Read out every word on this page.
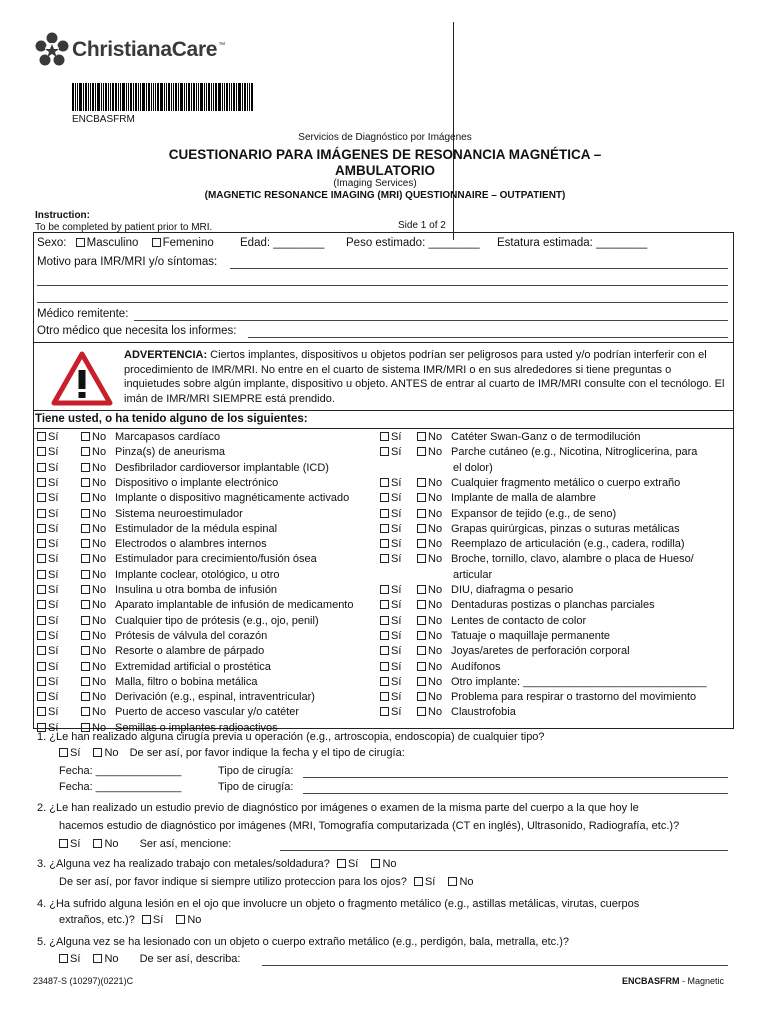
ChristianaCare ™
ENCBASFRM
Servicios de Diagnóstico por Imágenes
CUESTIONARIO PARA IMÁGENES DE RESONANCIA MAGNÉTICA –
AMBULATORIO
(Imaging Services)
(MAGNETIC RESONANCE IMAGING (MRI) QUESTIONNAIRE – OUTPATIENT)
Instruction:
To be completed by patient prior to MRI.	Side 1 of 2
Sexo: Masculino Femenino Edad: ________ Peso estimado: ________ Estatura estimada: ________
Motivo para IMR/MRI y/o síntomas:
Médico remitente:
Otro médico que necesita los informes:
ADVERTENCIA: Ciertos implantes, dispositivos u objetos podrían ser peligrosos para usted y/o podrían interferir con el procedimiento de IMR/MRI. No entre en el cuarto de sistema IMR/MRI o en sus alrededores si tiene preguntas o inquietudes sobre algún implante, dispositivo u objeto. ANTES de entrar al cuarto de IMR/MRI consulte con el tecnólogo. El imán de IMR/MRI SIEMPRE está prendido.
Tiene usted, o ha tenido alguno de los siguientes:
Sí	No Marcapasos cardíaco
Sí	No Pinza(s) de aneurisma
Sí	No Desfibrilador cardioversor implantable (ICD)
Sí	No Dispositivo o implante electrónico
Sí	No Implante o dispositivo magnéticamente activado
Sí	No Sistema neuroestimulador
Sí	No Estimulador de la médula espinal
Sí	No Electrodos o alambres internos
Sí	No Estimulador para crecimiento/fusión ósea
Sí	No Implante coclear, otológico, u otro
Sí	No Insulina u otra bomba de infusión
Sí	No Aparato implantable de infusión de medicamento
Sí	No Cualquier tipo de prótesis (e.g., ojo, penil)
Sí	No Prótesis de válvula del corazón
Sí	No Resorte o alambre de párpado
Sí	No Extremidad artificial o prostética
Sí	No Malla, filtro o bobina metálica
Sí	No Derivación (e.g., espinal, intraventricular)
Sí	No Puerto de acceso vascular y/o catéter
Sí	No Semillas o implantes radioactivos
Sí No Catéter Swan-Ganz o de termodilución
Sí No Parche cutáneo (e.g., Nicotina, Nitroglicerina, para
el dolor)
Sí No Cualquier fragmento metálico o cuerpo extraño
Sí No Implante de malla de alambre
Sí No Expansor de tejido (e.g., de seno)
Sí No Grapas quirúrgicas, pinzas o suturas metálicas
Sí No Reemplazo de articulación (e.g., cadera, rodilla)
Sí No Broche, tornillo, clavo, alambre o placa de Hueso/
articular
Sí No DIU, diafragma o pesario
Sí No Dentaduras postizas o planchas parciales
Sí No Lentes de contacto de color
Sí No Tatuaje o maquillaje permanente
Sí No Joyas/aretes de perforación corporal
Sí No Audífonos
Sí No Otro implante: ______________________________
Sí No Problema para respirar o trastorno del movimiento
Sí No Claustrofobia
1. ¿Le han realizado alguna cirugía previa u operación (e.g., artroscopia, endoscopia) de cualquier tipo?
Sí No De ser así, por favor indique la fecha y el tipo de cirugía:
Fecha: ______________	Tipo de cirugía:
Fecha: ______________	Tipo de cirugía:
2. ¿Le han realizado un estudio previo de diagnóstico por imágenes o examen de la misma parte del cuerpo a la que hoy le
hacemos estudio de diagnóstico por imágenes (MRI, Tomografía computarizada (CT en inglés), Ultrasonido, Radiografía, etc.)?
Sí No Ser así, mencione:
3. ¿Alguna vez ha realizado trabajo con metales/soldadura? Sí No
De ser así, por favor indique si siempre utilizo proteccion para los ojos? Sí No
4. ¿Ha sufrido alguna lesión en el ojo que involucre un objeto o fragmento metálico (e.g., astillas metálicas, virutas, cuerpos
extraños, etc.)? Sí No
5. ¿Alguna vez se ha lesionado con un objeto o cuerpo extraño metálico (e.g., perdigón, bala, metralla, etc.)?
Sí No De ser así, describa:
23487-S (10297)(0221)C	ENCBASFRM - Magnetic
